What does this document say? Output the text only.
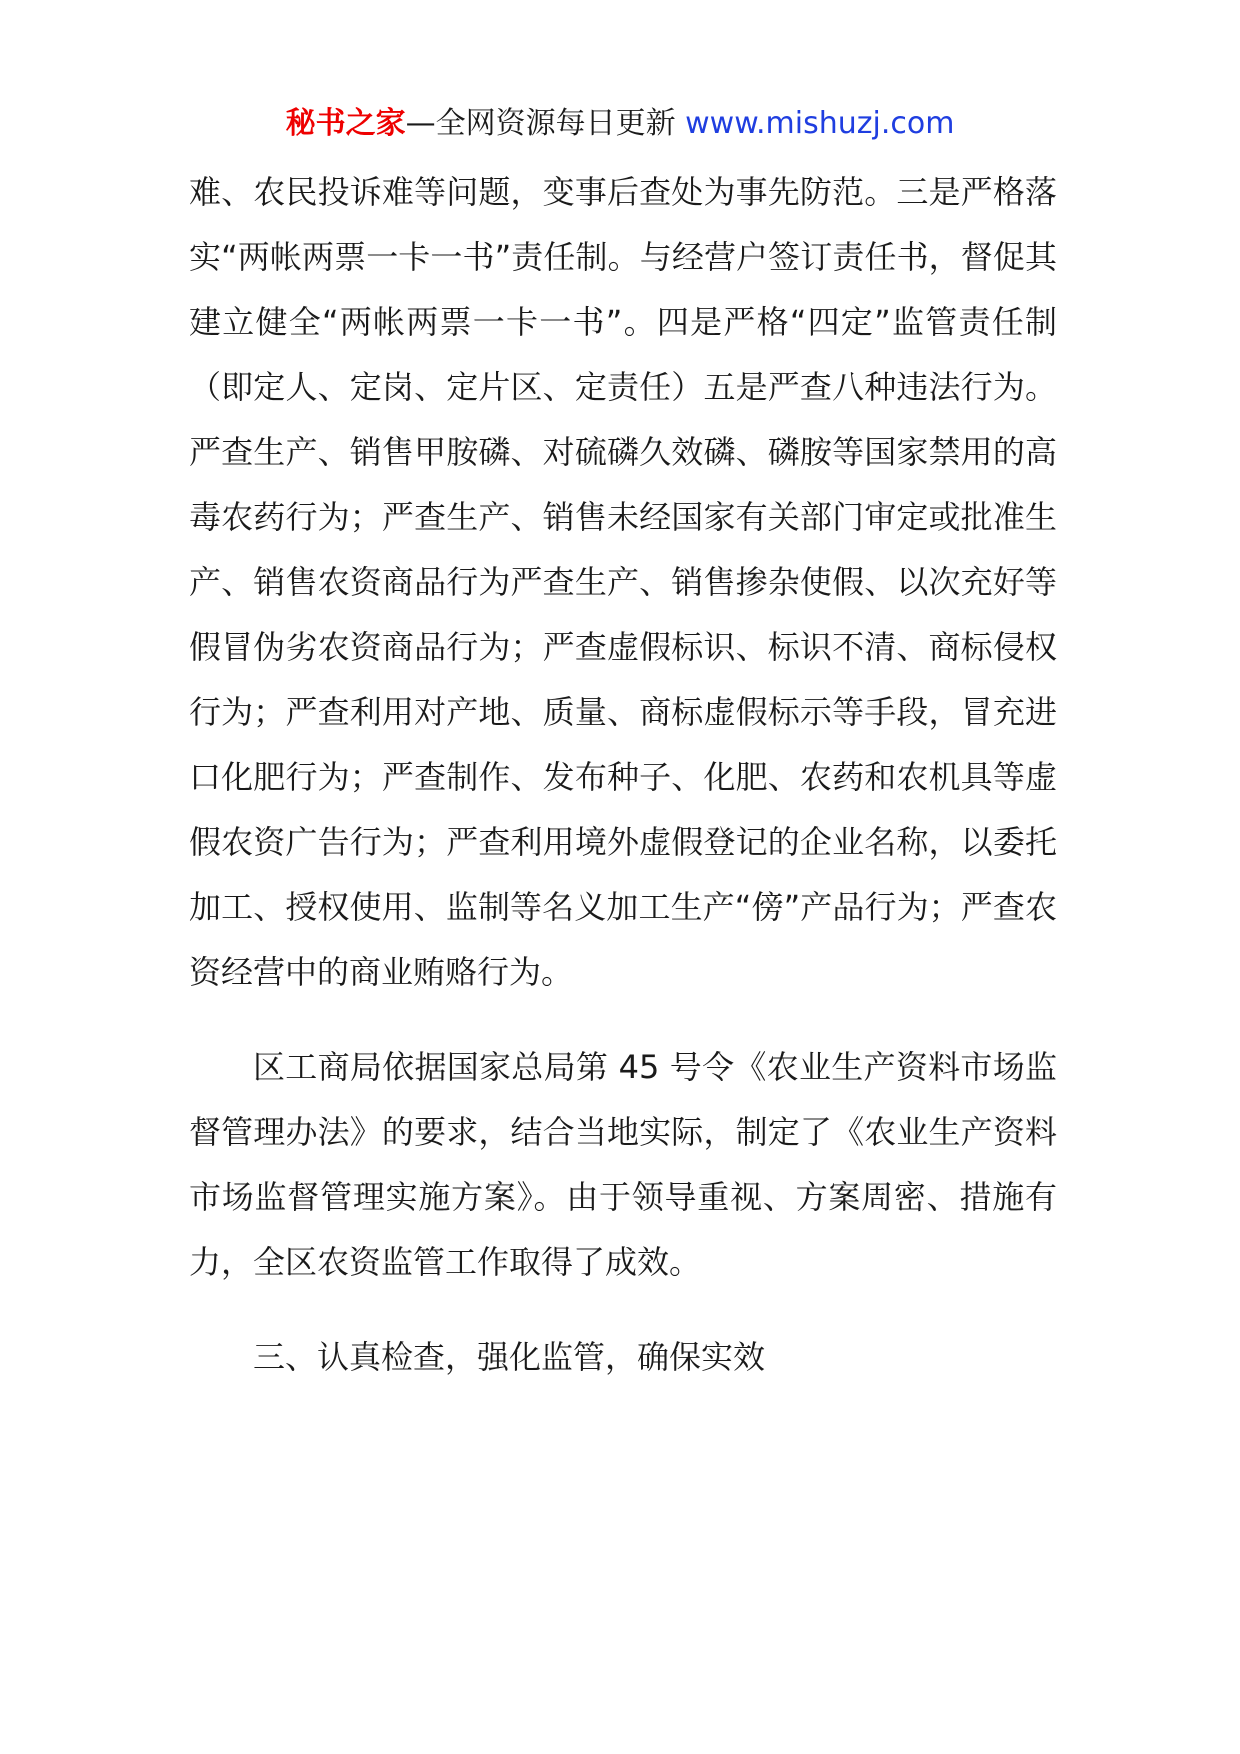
秘书之家—全网资源每日更新 www.mishuzj.com

难、农民投诉难等问题，变事后查处为事先防范。三是严格落实“两帐两票一卡一书”责任制。与经营户签订责任书，督促其建立健全“两帐两票一卡一书”。四是严格“四定”监管责任制（即定人、定岗、定片区、定责任）五是严查八种违法行为。严查生产、销售甲胺磷、对硫磷久效磷、磷胺等国家禁用的高毒农药行为；严查生产、销售未经国家有关部门审定或批准生产、销售农资商品行为严查生产、销售掺杂使假、以次充好等假冒伪劣农资商品行为；严查虚假标识、标识不清、商标侵权行为；严查利用对产地、质量、商标虚假标示等手段，冒充进口化肥行为；严查制作、发布种子、化肥、农药和农机具等虚假农资广告行为；严查利用境外虚假登记的企业名称，以委托加工、授权使用、监制等名义加工生产“傍”产品行为；严查农资经营中的商业贿赂行为。

区工商局依据国家总局第 45 号令《农业生产资料市场监督管理办法》的要求，结合当地实际，制定了《农业生产资料市场监督管理实施方案》。由于领导重视、方案周密、措施有力，全区农资监管工作取得了成效。

三、认真检查，强化监管，确保实效
